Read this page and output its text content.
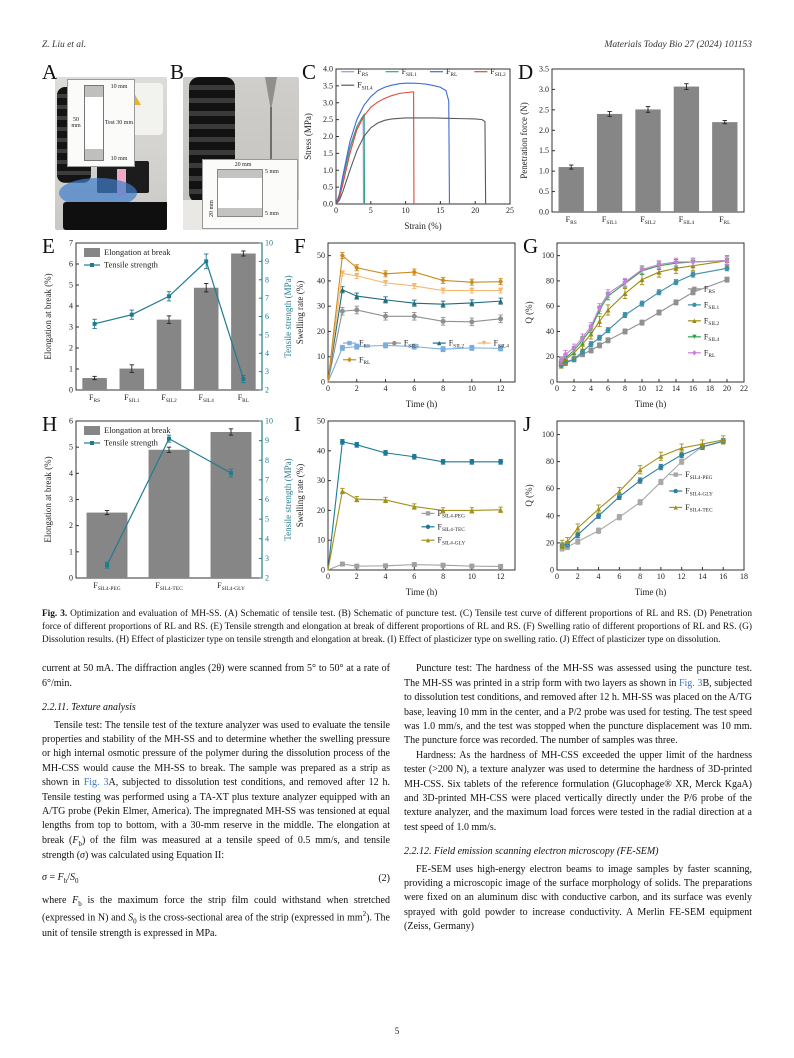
Z. Liu et al.	Materials Today Bio 27 (2024) 101153
A
50 mm
10 mm
Test 30 mm
10 mm
B
20 mm
20 mm
5 mm
5 mm
C
0.0
0.5
1.0
1.5
2.0
2.5
3.0
3.5
4.0
0	5	10	15	20	25
Strain (%)
Stress (MPa)
$F_{RS}$	$F_{SIL1}$	$F_{RL}$	$F_{SIL2}$
$F_{SIL4}$
D
0.0
0.5
1.0
1.5
2.0
2.5
3.0
3.5
$F_{RS}$	$F_{SIL1}$	$F_{SIL2}$	$F_{SIL4}$	$F_{RL}$
Penetration force (N)
E
0
1
2
3
4
5
6
7
$F_{RS}$	$F_{SIL1}$	$F_{SIL2}$	$F_{SIL4}$	$F_{RL}$
2
3
4
5
6
7
8
9
10
Elongation at break (%)	Tensile strength (MPa)
Elongation at break
Tensile strength
F
0
10
20
30
40
50
0	2	4	6	8	10	12
Time (h)
Swelling rate (%)	$F_{RS}$	$F_{SIL1}$	$F_{SIL2}$	$F_{SIL4}$
$F_{RL}$
G
0
20
40
60
80
100
0 2 4 6 8 10 12 14 16 18 20 22
Time (h)
Q (%)
$F_{RS}$
$F_{SIL1}$
$F_{SIL2}$
$F_{SIL4}$
$F_{RL}$
H
0
1
2
3
4
5
6
$F_{SIL4-PEG}$	$F_{SIL4-TEC}$	$F_{SIL4-GLY}$
2
3
4
5
6
7
8
9
10
Elongation at break (%)	Tensile strength (MPa)
Elongation at break
Tensile strength
I
0
10
20
30
40
50
0	2	4	6	8	10	12
Time (h)
Swelling rate (%)	$F_{SIL4-PEG}$
$F_{SIL4-TEC}$
$F_{SIL4-GLY}$
J
0
20
40
60
80
100
0 2 4 6 8 10 12 14 16 18
Time (h)
Q (%)
$F_{SIL4-PEG}$
$F_{SIL4-GLY}$
$F_{SIL4-TEC}$

Fig. 3. Optimization and evaluation of MH-SS. (A) Schematic of tensile test. (B) Schematic of puncture test. (C) Tensile test curve of different proportions of RL and RS. (D) Penetration force of different proportions of RL and RS. (E) Tensile strength and elongation at break of different proportions of RL and RS. (F) Swelling ratio of different proportions of RL and RS. (G) Dissolution results. (H) Effect of plasticizer type on tensile strength and elongation at break. (I) Effect of plasticizer type on swelling ratio. (J) Effect of plasticizer type on dissolution.

current at 50 mA. The diffraction angles (2θ) were scanned from 5° to 50° at a rate of 6°/min.

2.2.11. Texture analysis

Tensile test: The tensile test of the texture analyzer was used to evaluate the tensile properties and stability of the MH-SS and to determine whether the swelling pressure or high internal osmotic pressure of the polymer during the dissolution process of the MH-CSS would cause the MH-SS to break. The sample was prepared as a strip as shown in Fig. 3A, subjected to dissolution test conditions, and removed after 12 h. Tensile testing was performed using a TA-XT plus texture analyzer equipped with an A/TG probe (Pekin Elmer, America). The impregnated MH-SS was tensioned at equal lengths from top to bottom, with a 30-mm reserve in the middle. The elongation at break $(F_b)$ of the film was measured at a tensile speed of 0.5 mm/s, and tensile strength (σ) was calculated using Equation II:

$\sigma = F_b/S_0$	(2)

where $F_b$ is the maximum force the strip film could withstand when stretched (expressed in N) and $S_0$ is the cross-sectional area of the strip (expressed in $mm^2$). The unit of tensile strength is expressed in MPa.

Puncture test: The hardness of the MH-SS was assessed using the puncture test. The MH-SS was printed in a strip form with two layers as shown in Fig. 3B, subjected to dissolution test conditions, and removed after 12 h. MH-SS was placed on the A/TG base, leaving 10 mm in the center, and a P/2 probe was used for testing. The test speed was 1.0 mm/s, and the test was stopped when the puncture displacement was 10 mm. The puncture force was recorded. The number of samples was three.

Hardness: As the hardness of MH-CSS exceeded the upper limit of the hardness tester (>200 N), a texture analyzer was used to determine the hardness of 3D-printed MH-CSS. Six tablets of the reference formulation (Glucophage® XR, Merck KgaA) and 3D-printed MH-CSS were placed vertically directly under the P/6 probe of the texture analyzer, and the maximum load forces were tested in the radial direction at a test speed of 1.0 mm/s.

2.2.12. Field emission scanning electron microscopy (FE-SEM)

FE-SEM uses high-energy electron beams to image samples by faster scanning, providing a microscopic image of the surface morphology of solids. The preparations were fixed on an aluminum disc with conductive carbon, and its surface was evenly sprayed with gold powder to increase conductivity. A Merlin FE-SEM equipment (Zeiss, Germany)

5
